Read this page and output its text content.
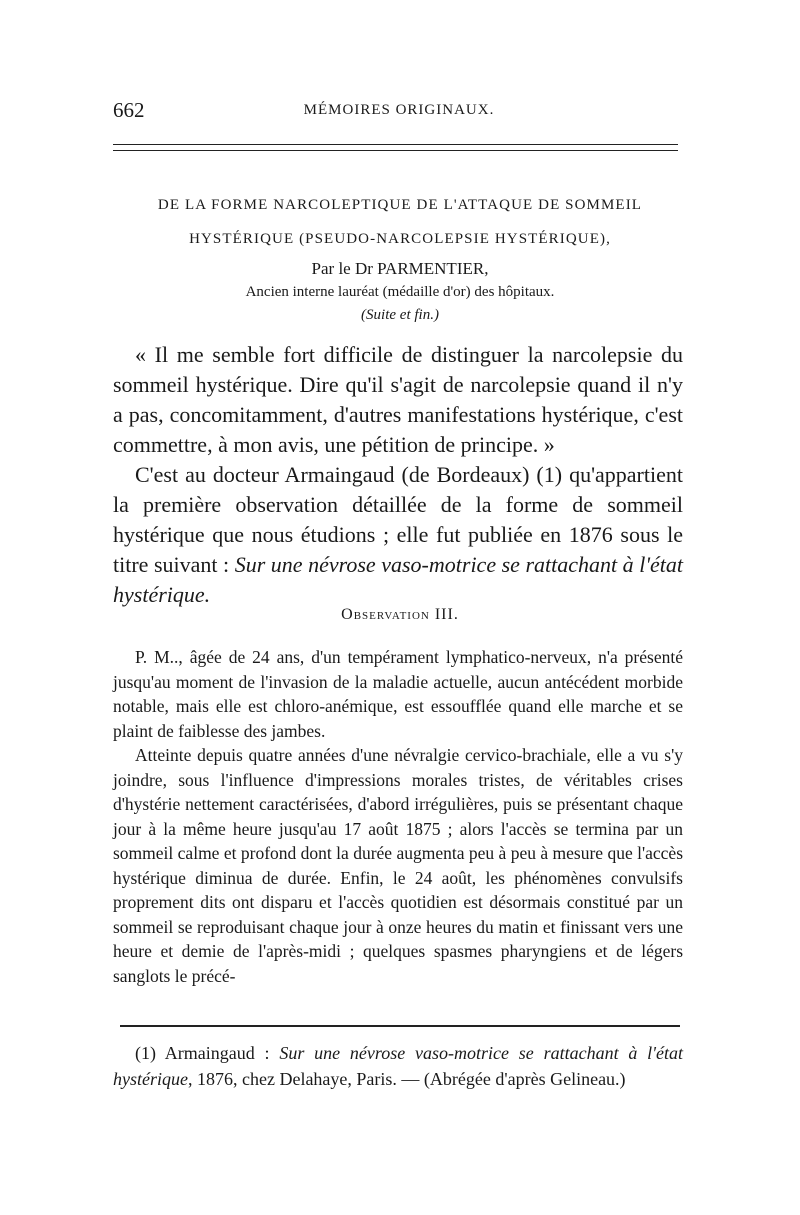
662	MÉMOIRES ORIGINAUX.
DE LA FORME NARCOLEPTIQUE DE L'ATTAQUE DE SOMMEIL
HYSTÉRIQUE (PSEUDO-NARCOLEPSIE HYSTÉRIQUE),
Par le Dr PARMENTIER,
Ancien interne lauréat (médaille d'or) des hôpitaux.
(Suite et fin.)

« Il me semble fort difficile de distinguer la narcolepsie du sommeil hystérique. Dire qu'il s'agit de narcolepsie quand il n'y a pas, concomitamment, d'autres manifestations hystérique, c'est commettre, à mon avis, une pétition de principe. »

C'est au docteur Armaingaud (de Bordeaux) (1) qu'appartient la première observation détaillée de la forme de sommeil hystérique que nous étudions ; elle fut publiée en 1876 sous le titre suivant : Sur une névrose vaso-motrice se rattachant à l'état hystérique.

Observation III.

P. M.., âgée de 24 ans, d'un tempérament lymphatico-nerveux, n'a présenté jusqu'au moment de l'invasion de la maladie actuelle, aucun antécédent morbide notable, mais elle est chloro-anémique, est essoufflée quand elle marche et se plaint de faiblesse des jambes.

Atteinte depuis quatre années d'une névralgie cervico-brachiale, elle a vu s'y joindre, sous l'influence d'impressions morales tristes, de véritables crises d'hystérie nettement caractérisées, d'abord irrégulières, puis se présentant chaque jour à la même heure jusqu'au 17 août 1875 ; alors l'accès se termina par un sommeil calme et profond dont la durée augmenta peu à peu à mesure que l'accès hystérique diminua de durée. Enfin, le 24 août, les phénomènes convulsifs proprement dits ont disparu et l'accès quotidien est désormais constitué par un sommeil se reproduisant chaque jour à onze heures du matin et finissant vers une heure et demie de l'après-midi ; quelques spasmes pharyngiens et de légers sanglots le précé-

(1) Armaingaud : Sur une névrose vaso-motrice se rattachant à l'état hystérique, 1876, chez Delahaye, Paris. — (Abrégée d'après Gelineau.)
